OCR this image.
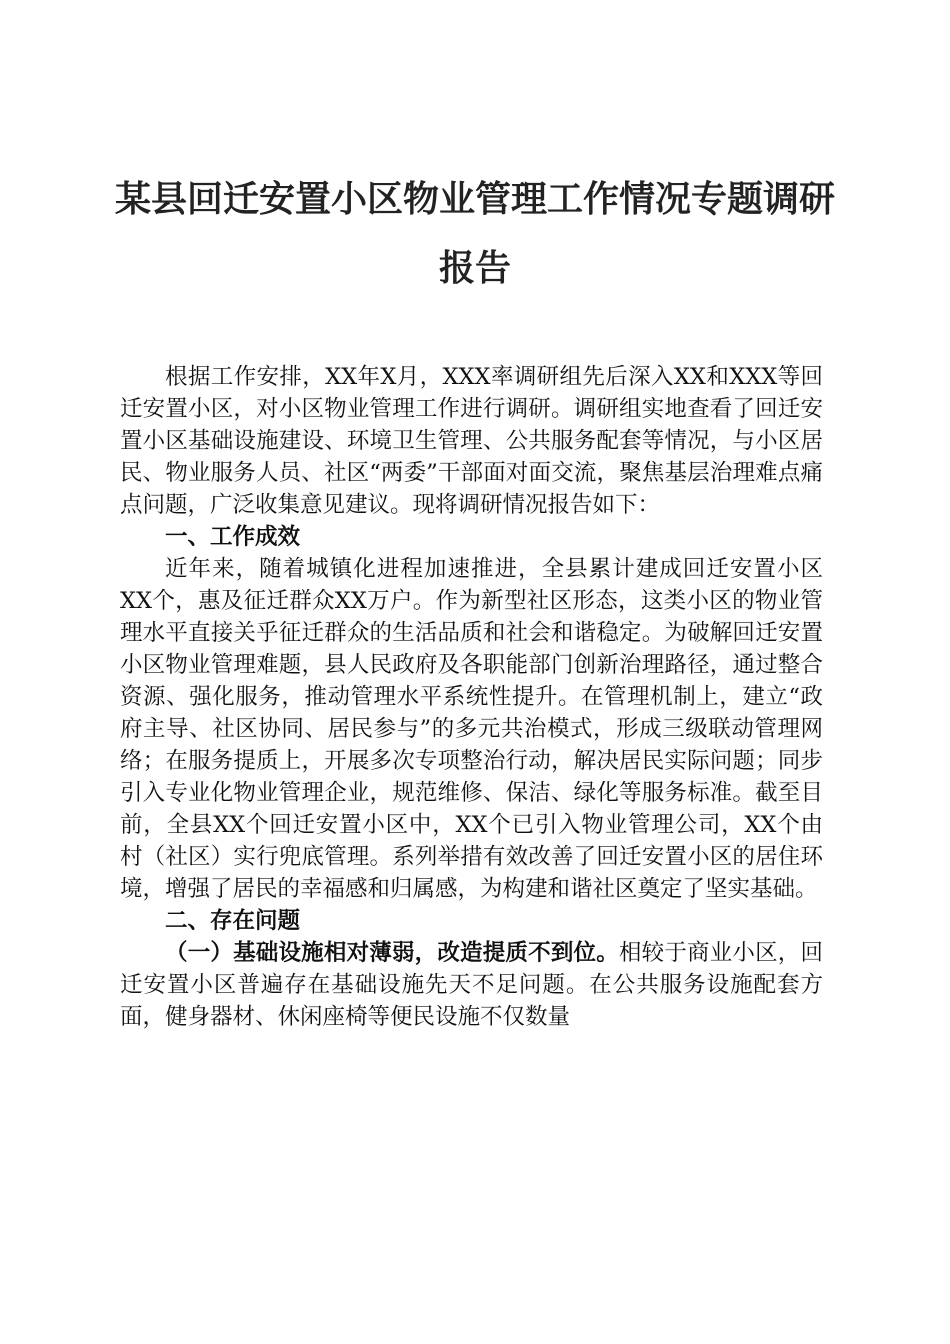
某县回迁安置小区物业管理工作情况专题调研
报告

根据工作安排，XX年X月，XXX率调研组先后深入XX和XXX等回迁安置小区，对小区物业管理工作进行调研。调研组实地查看了回迁安置小区基础设施建设、环境卫生管理、公共服务配套等情况，与小区居民、物业服务人员、社区“两委”干部面对面交流，聚焦基层治理难点痛点问题，广泛收集意见建议。现将调研情况报告如下：

一、工作成效

近年来，随着城镇化进程加速推进，全县累计建成回迁安置小区XX个，惠及征迁群众XX万户。作为新型社区形态，这类小区的物业管理水平直接关乎征迁群众的生活品质和社会和谐稳定。为破解回迁安置小区物业管理难题，县人民政府及各职能部门创新治理路径，通过整合资源、强化服务，推动管理水平系统性提升。在管理机制上，建立“政府主导、社区协同、居民参与”的多元共治模式，形成三级联动管理网络；在服务提质上，开展多次专项整治行动，解决居民实际问题；同步引入专业化物业管理企业，规范维修、保洁、绿化等服务标准。截至目前，全县XX个回迁安置小区中，XX个已引入物业管理公司，XX个由村（社区）实行兜底管理。系列举措有效改善了回迁安置小区的居住环境，增强了居民的幸福感和归属感，为构建和谐社区奠定了坚实基础。

二、存在问题

（一）基础设施相对薄弱，改造提质不到位。相较于商业小区，回迁安置小区普遍存在基础设施先天不足问题。在公共服务设施配套方面，健身器材、休闲座椅等便民设施不仅数量
